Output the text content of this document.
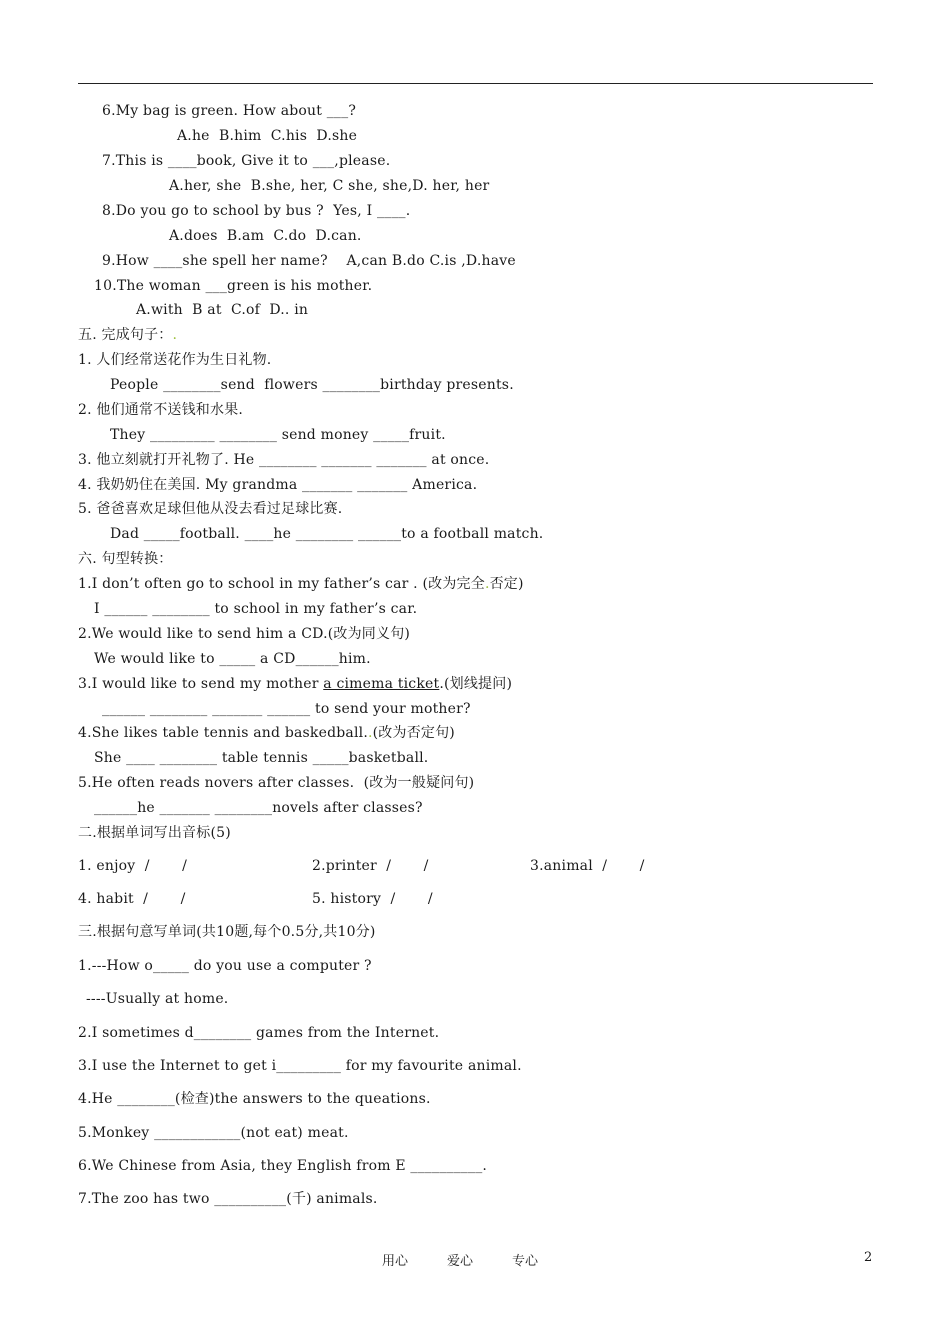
6.My bag is green. How about ___?
A.he  B.him  C.his  D.she
7.This is ____book, Give it to ___,please.
A.her, she  B.she, her, C she, she,D. her, her
8.Do you go to school by bus ?  Yes, I ____.
A.does  B.am  C.do  D.can.
9.How ____she spell her name?    A,can B.do C.is ,D.have
10.The woman ___green is his mother.
A.with  B at  C.of  D.. in
五. 完成句子：.
1. 人们经常送花作为生日礼物.
People ________send  flowers ________birthday presents.
2. 他们通常不送钱和水果.
They _________ ________ send money _____fruit.
3. 他立刻就打开礼物了. He ________ _______ _______ at once.
4. 我奶奶住在美国. My grandma _______ _______ America.
5. 爸爸喜欢足球但他从没去看过足球比赛.
Dad _____football. ____he ________ ______to a football match.
六. 句型转换：
1.I don’t often go to school in my father’s car . (改为完全.否定)
I ______ ________ to school in my father’s car.
2.We would like to send him a CD.(改为同义句)
We would like to _____ a CD______him.
3.I would like to send my mother a cimema ticket.(划线提问)
______ ________ _______ ______ to send your mother?
4.She likes table tennis and baskedball..(改为否定句)
She ____ ________ table tennis _____basketball.
5.He often reads novers after classes.  (改为一般疑问句)
______he _______ ________novels after classes?
二.根据单词写出音标(5)
1. enjoy  /       /	2.printer  /       /	3.animal  /       /
4. habit  /       /	5. history  /       /
三.根据句意写单词(共10题,每个0.5分,共10分)
1.---How o_____ do you use a computer ?
----Usually at home.
2.I sometimes d________ games from the Internet.
3.I use the Internet to get i_________ for my favourite animal.
4.He ________(检查)the answers to the queations.
5.Monkey ____________(not eat) meat.
6.We Chinese from Asia, they English from E __________.
7.The zoo has two __________(千) animals.
用心	爱心	专心	2
